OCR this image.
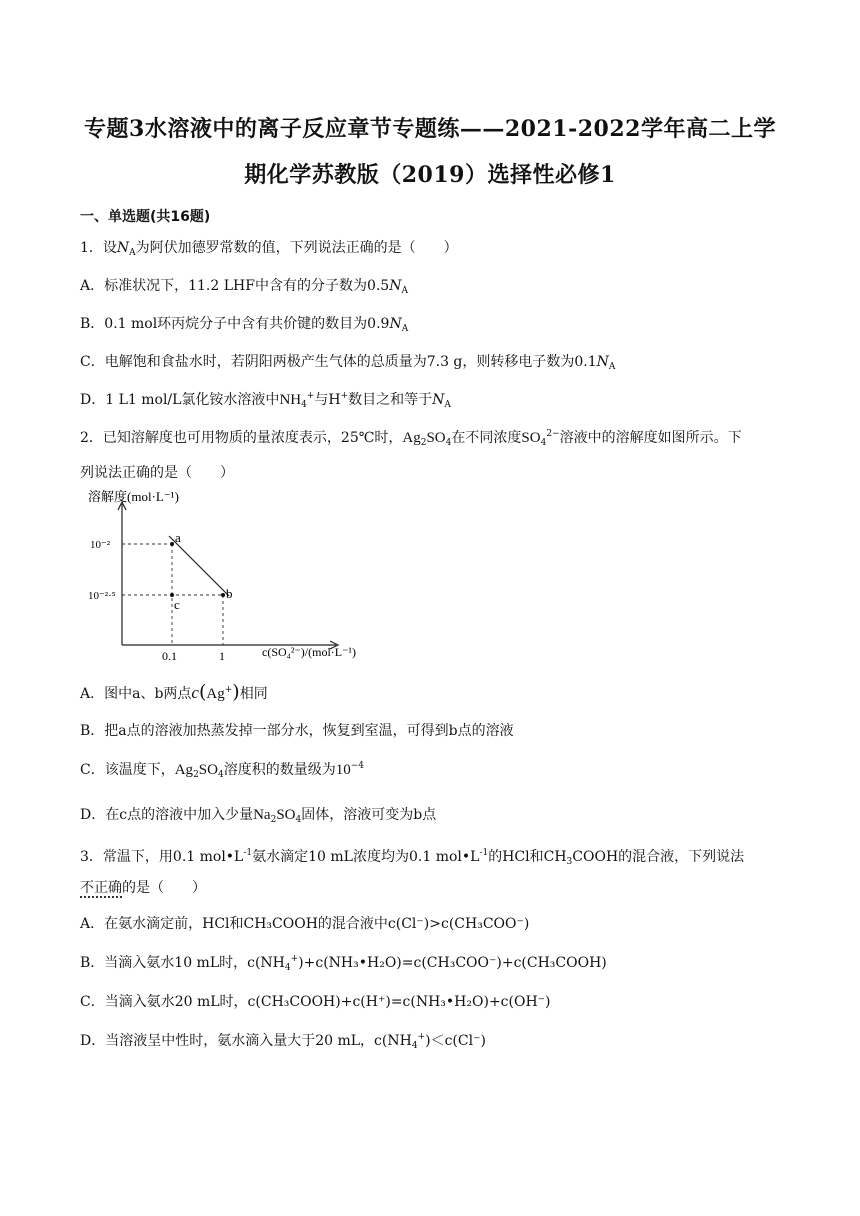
专题3水溶液中的离子反应章节专题练——2021-2022学年高二上学
期化学苏教版（2019）选择性必修1
一、单选题(共16题)
1．设$N_A$为阿伏加德罗常数的值，下列说法正确的是（　　）
A．标准状况下，11.2 LHF中含有的分子数为$0.5N_A$
B．0.1 mol环丙烷分子中含有共价键的数目为$0.9N_A$
C．电解饱和食盐水时，若阴阳两极产生气体的总质量为7.3 g，则转移电子数为$0.1N_A$
D．1 L1 mol/L氯化铵水溶液中$NH_4^+$与H+数目之和等于$N_A$
2．已知溶解度也可用物质的量浓度表示，25℃时，$Ag_2SO_4$在不同浓度$SO_4^{2-}$溶液中的溶解度如图所示。下
列说法正确的是（　　）
a
b
c
溶解度(mol·L⁻¹)
c(SO₄²⁻)/(mol·L⁻¹)
10⁻²
10⁻²·⁵
0.1	1
A．图中a、b两点c(Ag+)相同
B．把a点的溶液加热蒸发掉一部分水，恢复到室温，可得到b点的溶液
C．该温度下，$Ag_2SO_4$溶度积的数量级为$10^{-4}$
D．在c点的溶液中加入少量$Na_2SO_4$固体，溶液可变为b点
3．常温下，用0.1 $mol•L^{-1}$氨水滴定10 mL浓度均为0.1 $mol•L^{-1}$的HCl和$CH_3COOH$的混合液，下列说法
不正确的是（　　）
A．在氨水滴定前，HCl和CH₃COOH的混合液中c(Cl⁻)>c(CH₃COO⁻)
B．当滴入氨水10 mL时，$c(NH_4^+)+c(NH_3•H_2O)=c(CH_3COO^-)+c(CH_3COOH)$
C．当滴入氨水20 mL时，c(CH₃COOH)+c(H⁺)=c(NH₃•H₂O)+c(OH⁻)
D．当溶液呈中性时，氨水滴入量大于20 mL，$c(NH_4^+)<c(Cl^-)$
